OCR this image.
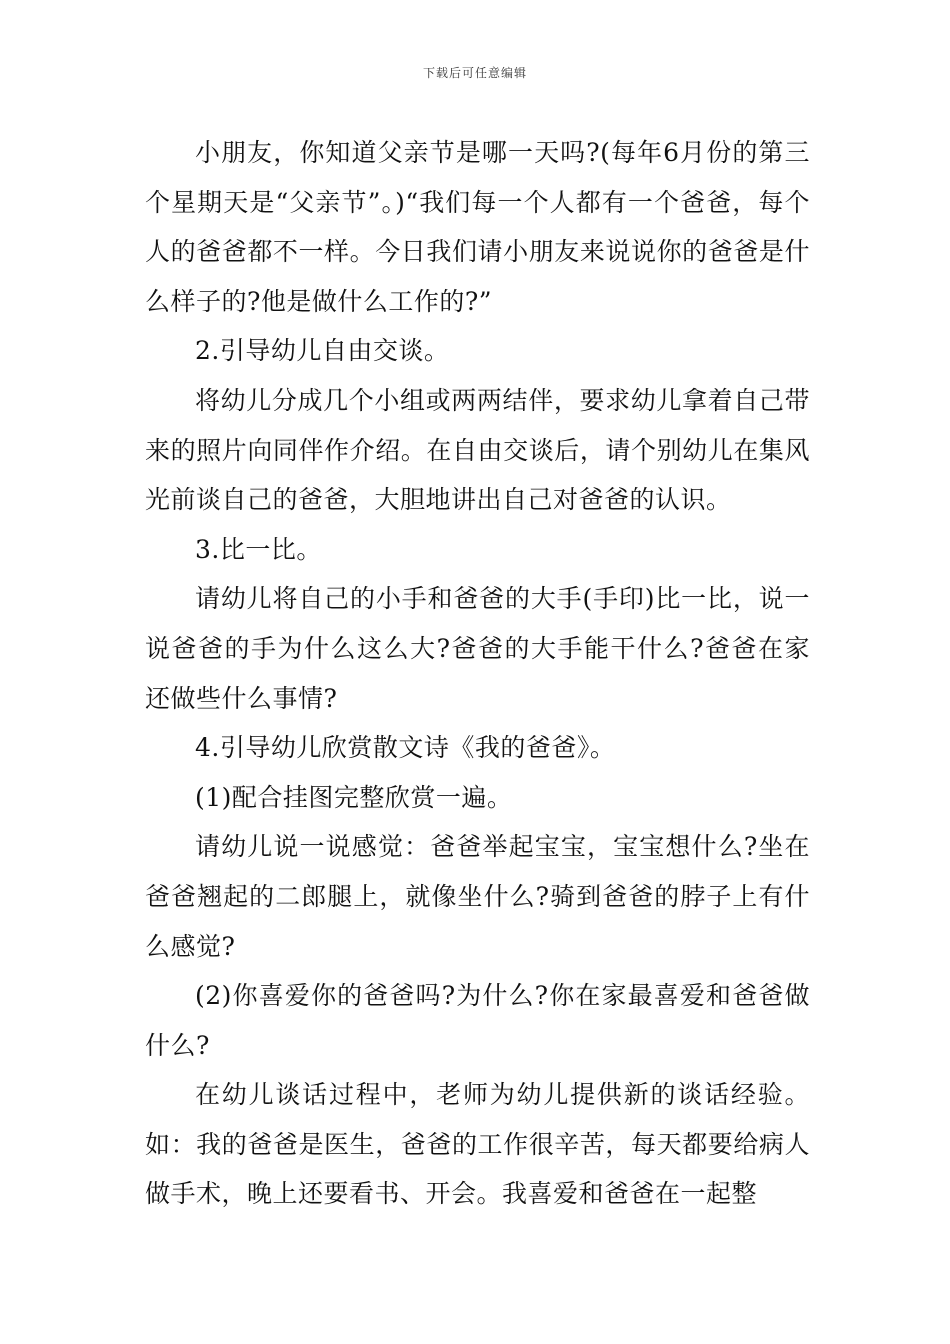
下载后可任意编辑

小朋友，你知道父亲节是哪一天吗?(每年6月份的第三个星期天是“父亲节”。)“我们每一个人都有一个爸爸，每个人的爸爸都不一样。今日我们请小朋友来说说你的爸爸是什么样子的?他是做什么工作的?”

2.引导幼儿自由交谈。

将幼儿分成几个小组或两两结伴，要求幼儿拿着自己带来的照片向同伴作介绍。在自由交谈后，请个别幼儿在集风光前谈自己的爸爸，大胆地讲出自己对爸爸的认识。

3.比一比。

请幼儿将自己的小手和爸爸的大手(手印)比一比，说一说爸爸的手为什么这么大?爸爸的大手能干什么?爸爸在家还做些什么事情?

4.引导幼儿欣赏散文诗《我的爸爸》。

(1)配合挂图完整欣赏一遍。

请幼儿说一说感觉：爸爸举起宝宝，宝宝想什么?坐在爸爸翘起的二郎腿上，就像坐什么?骑到爸爸的脖子上有什么感觉?

(2)你喜爱你的爸爸吗?为什么?你在家最喜爱和爸爸做什么?

在幼儿谈话过程中，老师为幼儿提供新的谈话经验。如：我的爸爸是医生，爸爸的工作很辛苦，每天都要给病人做手术，晚上还要看书、开会。我喜爱和爸爸在一起整
